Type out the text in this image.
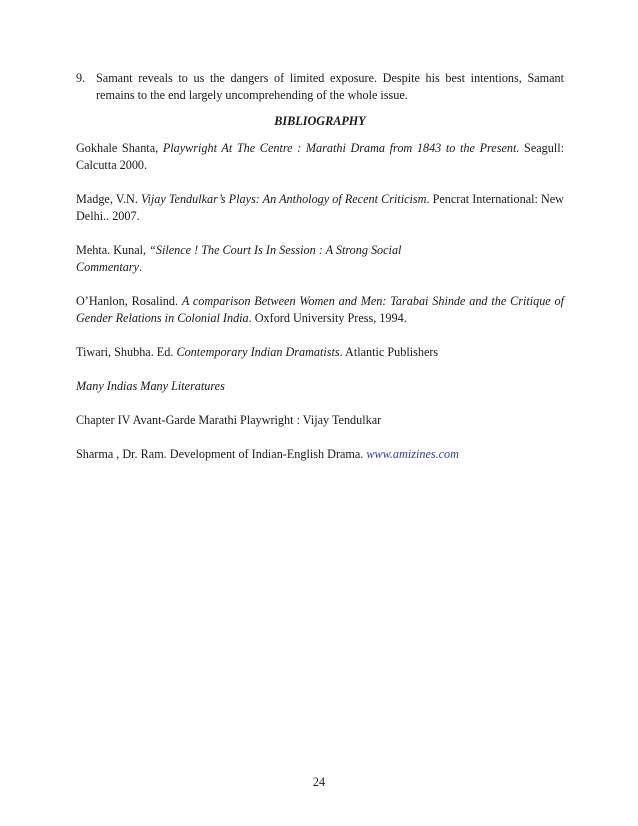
9. Samant reveals to us the dangers of limited exposure. Despite his best intentions, Samant remains to the end largely uncomprehending of the whole issue.
BIBLIOGRAPHY
Gokhale Shanta, Playwright At The Centre : Marathi Drama from 1843 to the Present. Seagull: Calcutta 2000.
Madge, V.N. Vijay Tendulkar’s Plays: An Anthology of Recent Criticism. Pencrat International: New Delhi.. 2007.
Mehta. Kunal, “Silence ! The Court Is In Session : A Strong Social
Commentary.
O’Hanlon, Rosalind. A comparison Between Women and Men: Tarabai Shinde and the Critique of Gender Relations in Colonial India. Oxford University Press, 1994.
Tiwari, Shubha. Ed. Contemporary Indian Dramatists. Atlantic Publishers
Many Indias Many Literatures
Chapter IV Avant-Garde Marathi Playwright : Vijay Tendulkar
Sharma , Dr. Ram. Development of Indian-English Drama. www.amizines.com
24
